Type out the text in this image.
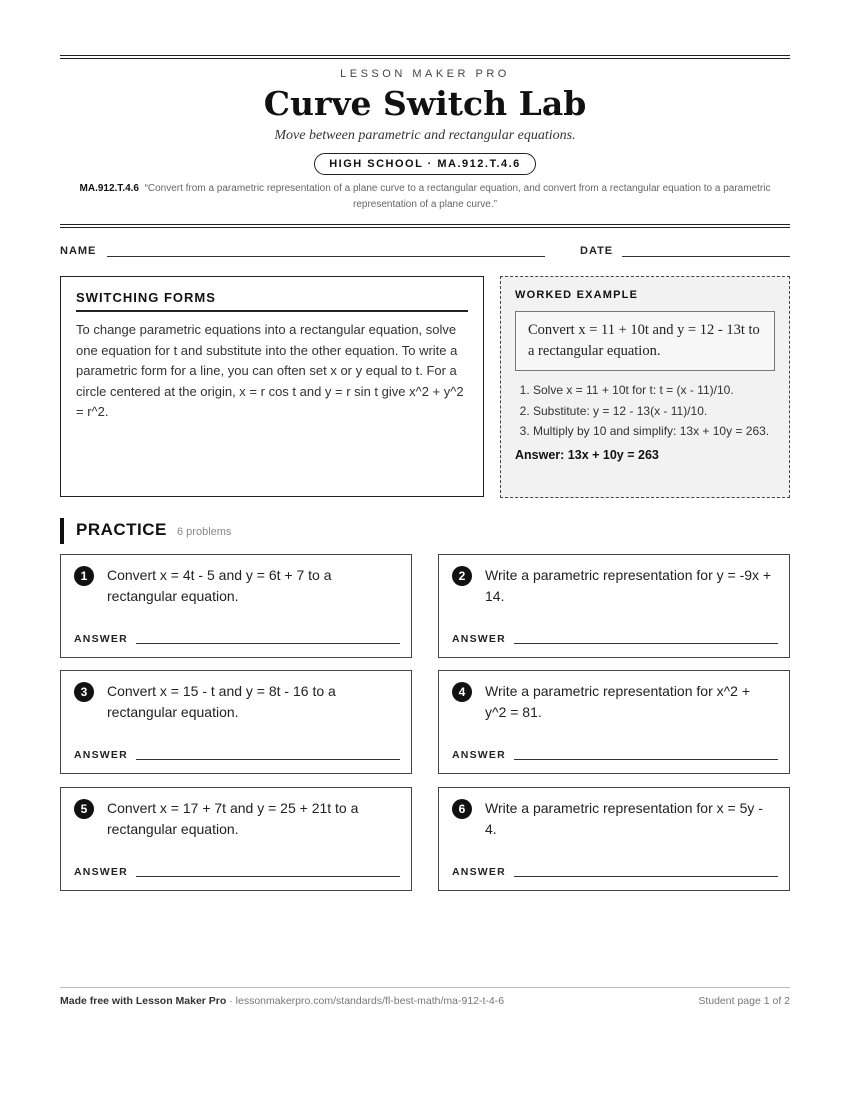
LESSON MAKER PRO
Curve Switch Lab
Move between parametric and rectangular equations.
HIGH SCHOOL · MA.912.T.4.6
MA.912.T.4.6 “Convert from a parametric representation of a plane curve to a rectangular equation, and convert from a rectangular equation to a parametric representation of a plane curve.”
NAME	DATE
SWITCHING FORMS
To change parametric equations into a rectangular equation, solve one equation for t and substitute into the other equation. To write a parametric form for a line, you can often set x or y equal to t. For a circle centered at the origin, x = r cos t and y = r sin t give x^2 + y^2 = r^2.
WORKED EXAMPLE
Convert x = 11 + 10t and y = 12 - 13t to a rectangular equation.
1. Solve x = 11 + 10t for t: t = (x - 11)/10.
2. Substitute: y = 12 - 13(x - 11)/10.
3. Multiply by 10 and simplify: 13x + 10y = 263.
Answer: 13x + 10y = 263
PRACTICE 6 problems
1	Convert x = 4t - 5 and y = 6t + 7 to a rectangular equation.
ANSWER
2	Write a parametric representation for y = -9x + 14.
ANSWER
3	Convert x = 15 - t and y = 8t - 16 to a rectangular equation.
ANSWER
4	Write a parametric representation for x^2 + y^2 = 81.
ANSWER
5	Convert x = 17 + 7t and y = 25 + 21t to a rectangular equation.
ANSWER
6	Write a parametric representation for x = 5y - 4.
ANSWER
Made free with Lesson Maker Pro · lessonmakerpro.com/standards/fl-best-math/ma-912-t-4-6	Student page 1 of 2
